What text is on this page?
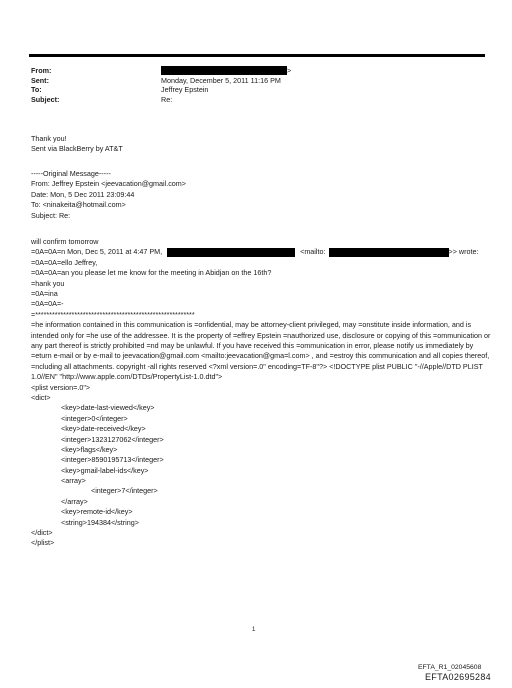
From:	>
Sent:	Monday, December 5, 2011 11:16 PM
To:	Jeffrey Epstein
Subject:	Re:
Thank you!
Sent via BlackBerry by AT&T
-----Original Message-----
From: Jeffrey Epstein <jeevacation@gmail.com>
Date: Mon, 5 Dec 2011 23:09:44
To: <ninakeita@hotmail.com>
Subject: Re:
will confirm tomorrow
=0A=0A=n Mon, Dec 5, 2011 at 4:47 PM,	<mailto:	>> wrote:
=0A=0A=ello Jeffrey,
=0A=0A=an you please let me know for the meeting in Abidjan on the 16th?
=hank you
=0A=ina
=0A=0A=-
=*********************************************************
=he information contained in this communication is =onfidential, may be attorney-client privileged, may =onstitute inside information, and is intended only for =he use of the addressee. It is the property of =effrey Epstein =nauthorized use, disclosure or copying of this =ommunication or any part thereof is strictly prohibited =nd may be unlawful. If you have received this =ommunication in error, please notify us immediately by =eturn e-mail or by e-mail to jeevacation@gmail.com <mailto:jeevacation@gma=l.com> , and =estroy this communication and all copies thereof, =ncluding all attachments. copyright -all rights reserved <?xml version=.0" encoding=TF-8"?> <!DOCTYPE plist PUBLIC "-//Apple//DTD PLIST 1.0//EN" "http://www.apple.com/DTDs/PropertyList-1.0.dtd">
<plist version=.0">
<dict>
<key>date-last-viewed</key>
<integer>0</integer>
<key>date-received</key>
<integer>1323127062</integer>
<key>flags</key>
<integer>8590195713</integer>
<key>gmail-label-ids</key>
<array>
<integer>7</integer>
</array>
<key>remote-id</key>
<string>194384</string>
</dict>
</plist>
1
EFTA_R1_02045608
EFTA02695284
